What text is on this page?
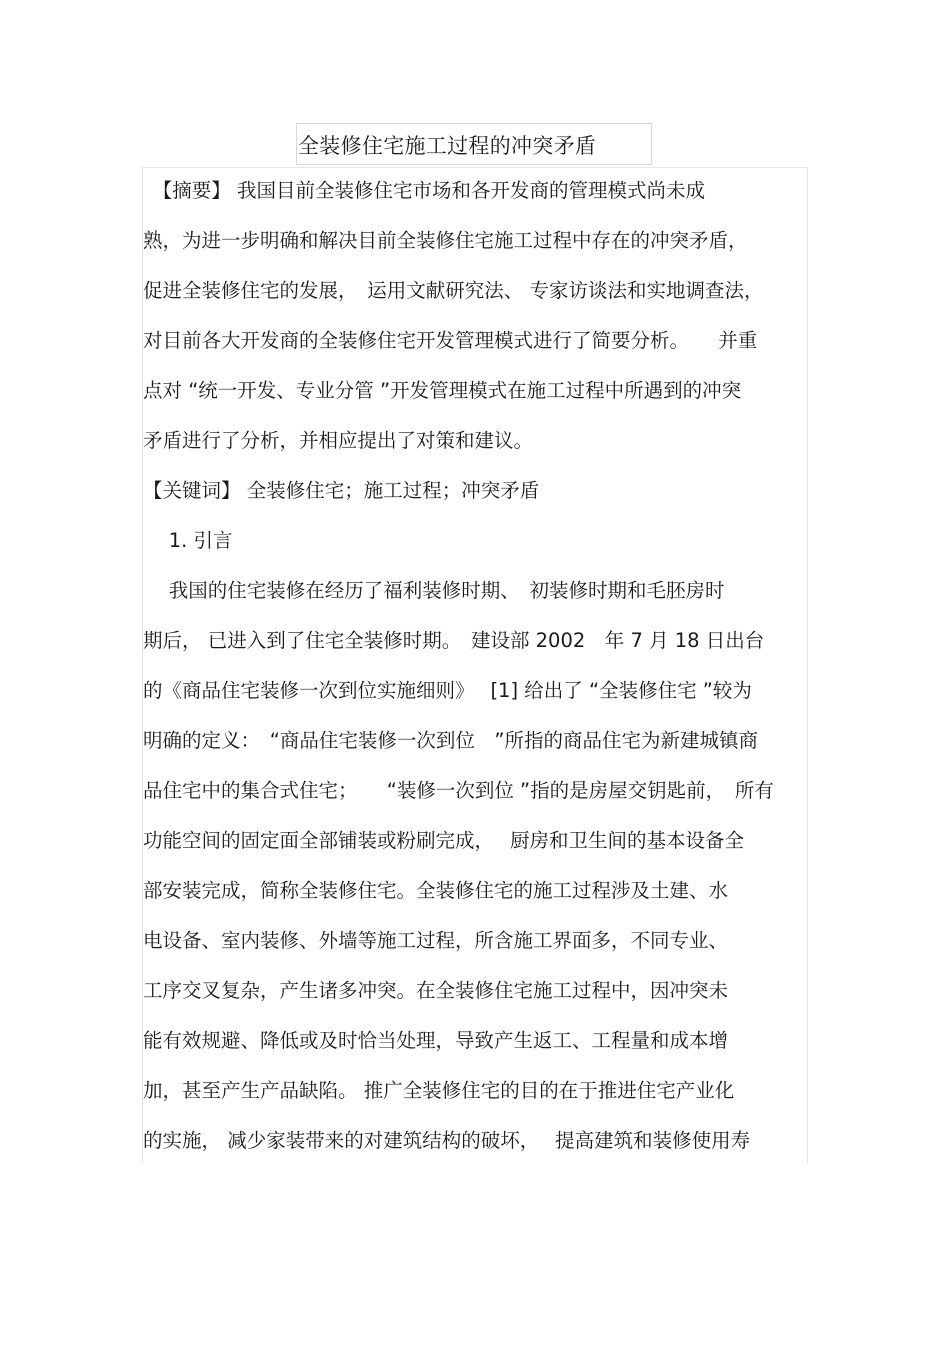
全装修住宅施工过程的冲突矛盾
　【摘要】 我国目前全装修住宅市场和各开发商的管理模式尚未成
熟，为进一步明确和解决目前全装修住宅施工过程中存在的冲突矛盾，
促进全装修住宅的发展，　运用文献研究法、 专家访谈法和实地调查法，
对目前各大开发商的全装修住宅开发管理模式进行了简要分析。　　并重
点对 “统一开发、专业分管 ”开发管理模式在施工过程中所遇到的冲突
矛盾进行了分析，并相应提出了对策和建议。
【关键词】 全装修住宅；施工过程；冲突矛盾
　 1. 引言
　 我国的住宅装修在经历了福利装修时期、　初装修时期和毛胚房时
期后， 已进入到了住宅全装修时期。　建设部 2002　年 7 月 18 日出台
的《商品住宅装修一次到位实施细则》　 [1] 给出了 “全装修住宅 ”较为
明确的定义：　“商品住宅装修一次到位　”所指的商品住宅为新建城镇商
品住宅中的集合式住宅；　　“装修一次到位 ”指的是房屋交钥匙前，　所有
功能空间的固定面全部铺装或粉刷完成，　 厨房和卫生间的基本设备全
部安装完成，简称全装修住宅。全装修住宅的施工过程涉及土建、水
电设备、室内装修、外墙等施工过程，所含施工界面多，不同专业、
工序交叉复杂，产生诸多冲突。在全装修住宅施工过程中，因冲突未
能有效规避、降低或及时恰当处理，导致产生返工、工程量和成本增
加，甚至产生产品缺陷。 推广全装修住宅的目的在于推进住宅产业化
的实施， 减少家装带来的对建筑结构的破坏，　 提高建筑和装修使用寿
